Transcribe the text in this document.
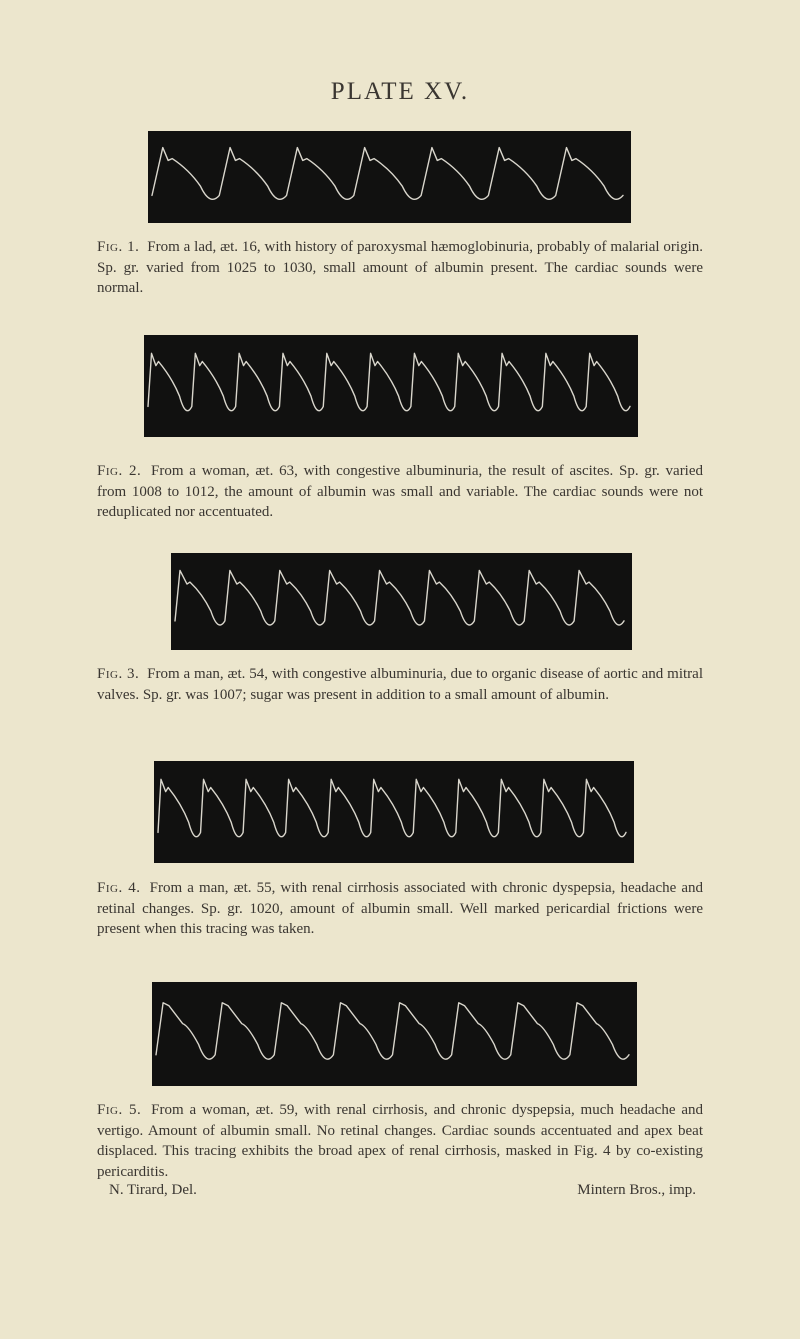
PLATE XV.

Fig. 1. From a lad, æt. 16, with history of paroxysmal hæmoglobinuria, probably of malarial origin. Sp. gr. varied from 1025 to 1030, small amount of albumin present. The cardiac sounds were normal.

Fig. 2. From a woman, æt. 63, with congestive albuminuria, the result of ascites. Sp. gr. varied from 1008 to 1012, the amount of albumin was small and variable. The cardiac sounds were not reduplicated nor accentuated.

Fig. 3. From a man, æt. 54, with congestive albuminuria, due to organic disease of aortic and mitral valves. Sp. gr. was 1007; sugar was present in addition to a small amount of albumin.

Fig. 4. From a man, æt. 55, with renal cirrhosis associated with chronic dyspepsia, headache and retinal changes. Sp. gr. 1020, amount of albumin small. Well marked pericardial frictions were present when this tracing was taken.

Fig. 5. From a woman, æt. 59, with renal cirrhosis, and chronic dyspepsia, much headache and vertigo. Amount of albumin small. No retinal changes. Cardiac sounds accentuated and apex beat displaced. This tracing exhibits the broad apex of renal cirrhosis, masked in Fig. 4 by co-existing pericarditis.

N. Tirard, Del.	Mintern Bros., imp.
